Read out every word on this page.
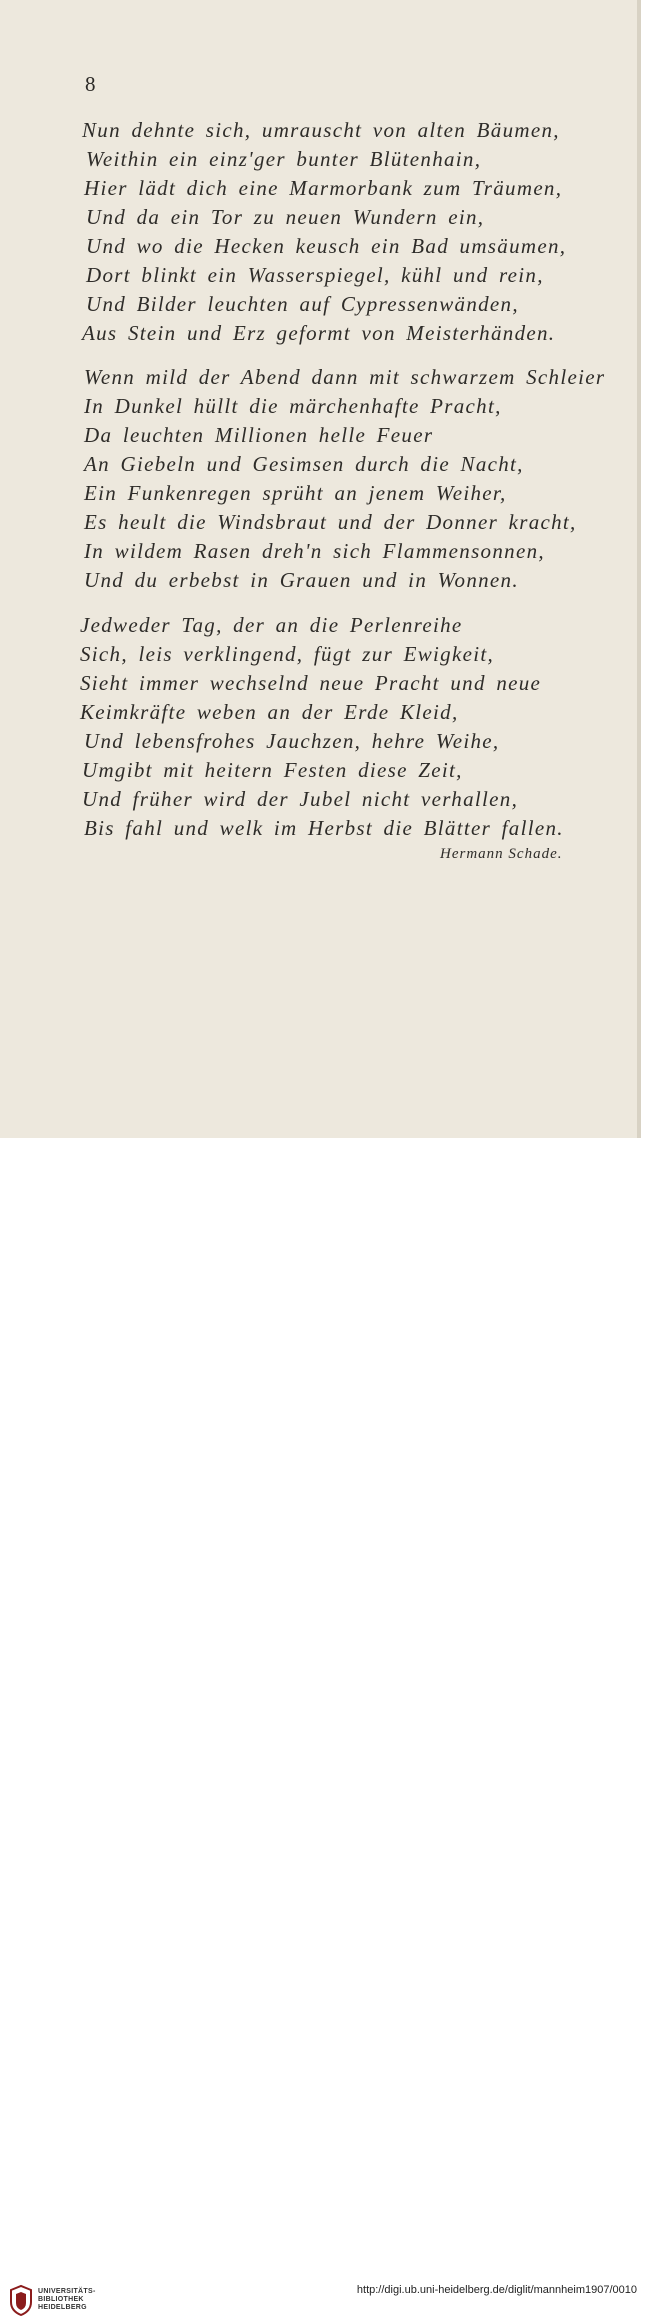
8
Nun dehnte sich, umrauscht von alten Bäumen,
Weithin ein einz'ger bunter Blütenhain,
Hier lädt dich eine Marmorbank zum Träumen,
Und da ein Tor zu neuen Wundern ein,
Und wo die Hecken keusch ein Bad umsäumen,
Dort blinkt ein Wasserspiegel, kühl und rein,
Und Bilder leuchten auf Cypressenwänden,
Aus Stein und Erz geformt von Meisterhänden.
Wenn mild der Abend dann mit schwarzem Schleier
In Dunkel hüllt die märchenhafte Pracht,
Da leuchten Millionen helle Feuer
An Giebeln und Gesimsen durch die Nacht,
Ein Funkenregen sprüht an jenem Weiher,
Es heult die Windsbraut und der Donner kracht,
In wildem Rasen dreh'n sich Flammensonnen,
Und du erbebst in Grauen und in Wonnen.
Jedweder Tag, der an die Perlenreihe
Sich, leis verklingend, fügt zur Ewigkeit,
Sieht immer wechselnd neue Pracht und neue
Keimkräfte weben an der Erde Kleid,
Und lebensfrohes Jauchzen, hehre Weihe,
Umgibt mit heitern Festen diese Zeit,
Und früher wird der Jubel nicht verhallen,
Bis fahl und welk im Herbst die Blätter fallen.
Hermann Schade.
UNIVERSITÄTS-
BIBLIOTHEK
HEIDELBERG
http://digi.ub.uni-heidelberg.de/diglit/mannheim1907/0010
